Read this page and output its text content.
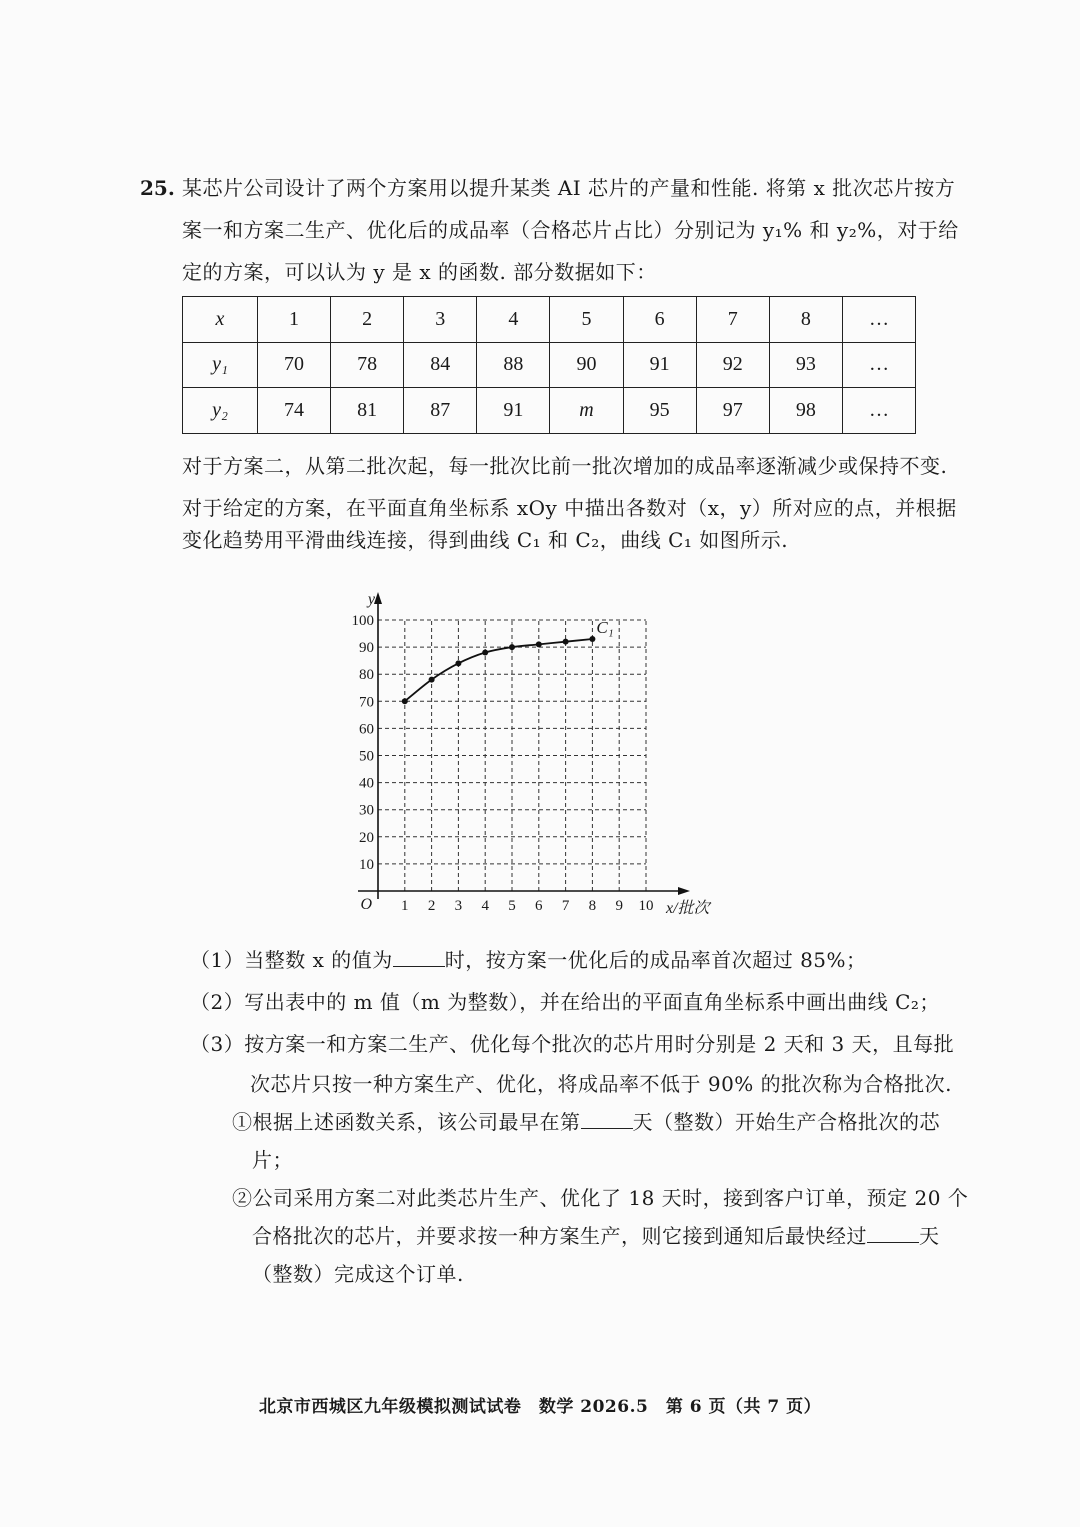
25. 某芯片公司设计了两个方案用以提升某类 AI 芯片的产量和性能. 将第 x 批次芯片按方
案一和方案二生产、优化后的成品率（合格芯片占比）分别记为 y₁% 和 y₂%，对于给
定的方案，可以认为 y 是 x 的函数. 部分数据如下：
x	1	2	3	4	5	6	7	8	…
y₁	70	78	84	88	90	91	92	93	…
y₂	74	81	87	91	m	95	97	98	…
对于方案二，从第二批次起，每一批次比前一批次增加的成品率逐渐减少或保持不变.
对于给定的方案，在平面直角坐标系 xOy 中描出各数对（x，y）所对应的点，并根据
变化趋势用平滑曲线连接，得到曲线 C₁ 和 C₂，曲线 C₁ 如图所示.
1 2 3 4 5 6 7 8 9 10
10
20
30
40
50
60
70
80
90
100
O
y
x/批次
C₁
（1）当整数 x 的值为	时，按方案一优化后的成品率首次超过 85%；
（2）写出表中的 m 值（m 为整数），并在给出的平面直角坐标系中画出曲线 C₂；
（3）按方案一和方案二生产、优化每个批次的芯片用时分别是 2 天和 3 天，且每批
次芯片只按一种方案生产、优化，将成品率不低于 90% 的批次称为合格批次.
①根据上述函数关系，该公司最早在第	天（整数）开始生产合格批次的芯
片；
②公司采用方案二对此类芯片生产、优化了 18 天时，接到客户订单，预定 20 个
合格批次的芯片，并要求按一种方案生产，则它接到通知后最快经过	天
（整数）完成这个订单.
北京市西城区九年级模拟测试试卷　数学 2026.5　第 6 页（共 7 页）
